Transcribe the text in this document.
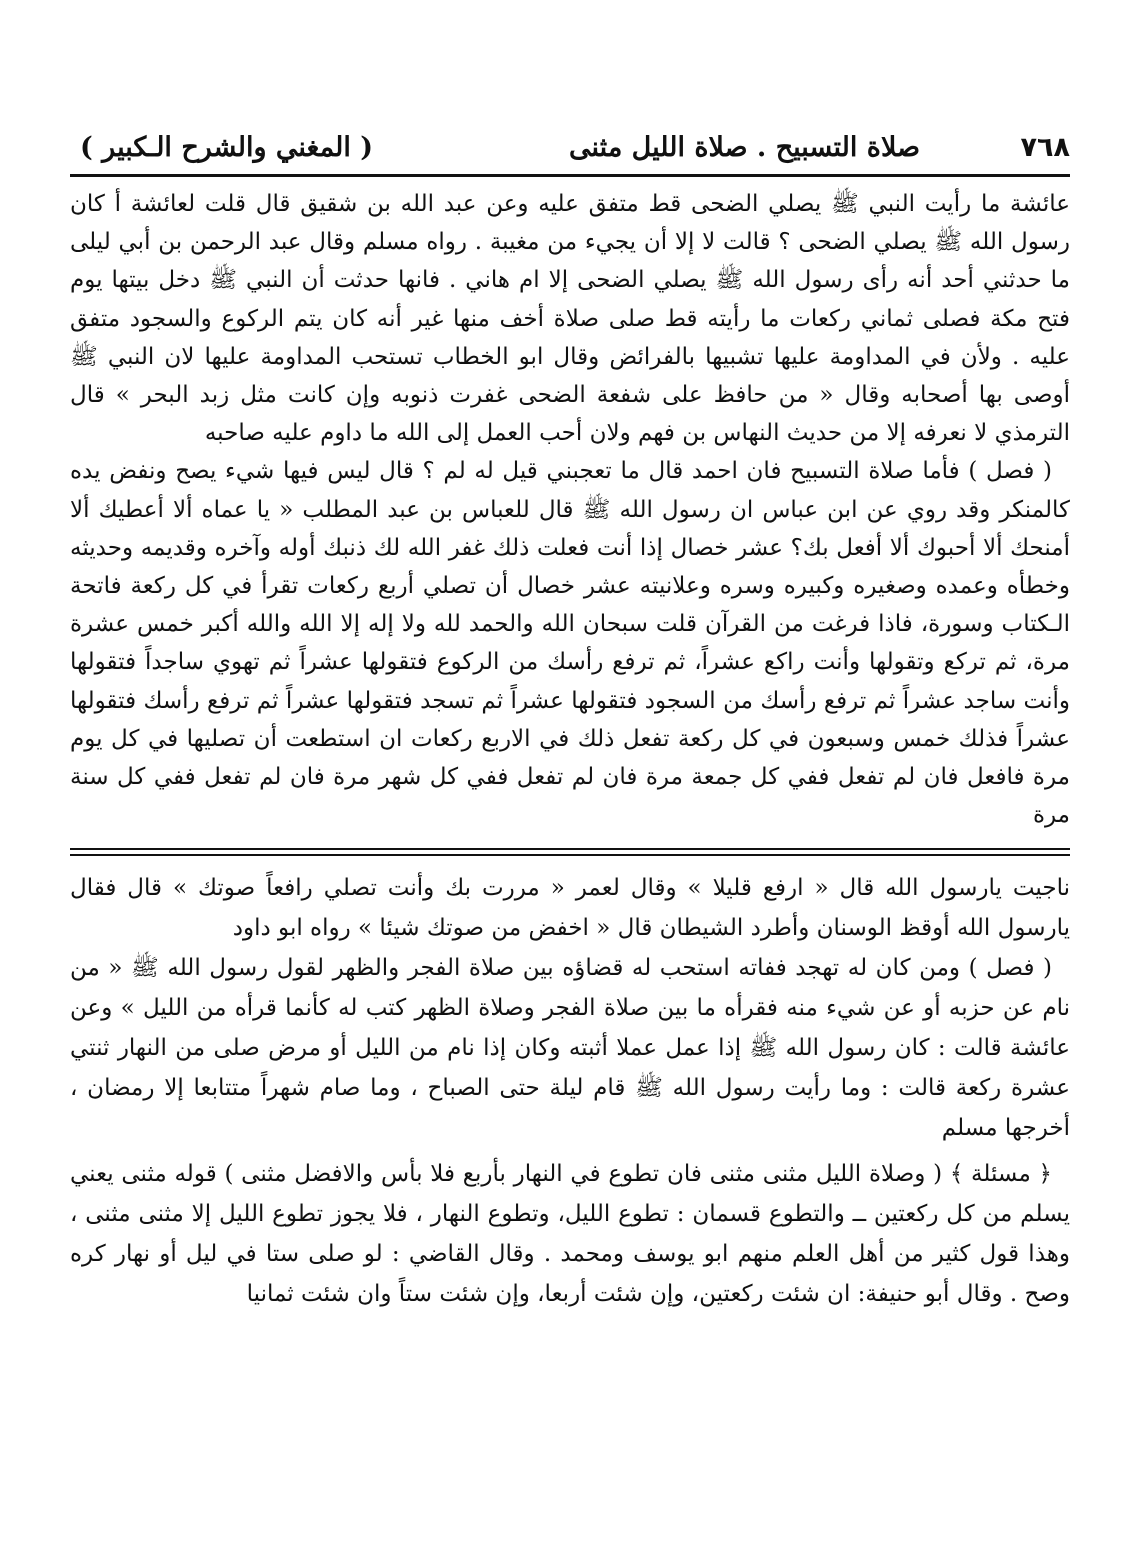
٧٦٨
صلاة التسبيح . صلاة الليل مثنى
( المغني والشرح الـكبير )

عائشة ما رأيت النبي ﷺ يصلي الضحى قط متفق عليه وعن عبد الله بن شقيق قال قلت لعائشة أ كان رسول الله ﷺ يصلي الضحى ؟ قالت لا إلا أن يجيء من مغيبة . رواه مسلم وقال عبد الرحمن بن أبي ليلى ما حدثني أحد أنه رأى رسول الله ﷺ يصلي الضحى إلا ام هاني . فانها حدثت أن النبي ﷺ دخل بيتها يوم فتح مكة فصلى ثماني ركعات ما رأيته قط صلى صلاة أخف منها غير أنه كان يتم الركوع والسجود متفق عليه . ولأن في المداومة عليها تشبيها بالفرائض وقال ابو الخطاب تستحب المداومة عليها لان النبي ﷺ أوصى بها أصحابه وقال « من حافظ على شفعة الضحى غفرت ذنوبه وإن كانت مثل زبد البحر » قال الترمذي لا نعرفه إلا من حديث النهاس بن فهم ولان أحب العمل إلى الله ما داوم عليه صاحبه

( فصل ) فأما صلاة التسبيح فان احمد قال ما تعجبني قيل له لم ؟ قال ليس فيها شيء يصح ونفض يده كالمنكر وقد روي عن ابن عباس ان رسول الله ﷺ قال للعباس بن عبد المطلب « يا عماه ألا أعطيك ألا أمنحك ألا أحبوك ألا أفعل بك؟ عشر خصال إذا أنت فعلت ذلك غفر الله لك ذنبك أوله وآخره وقديمه وحديثه وخطأه وعمده وصغيره وكبيره وسره وعلانيته عشر خصال أن تصلي أربع ركعات تقرأ في كل ركعة فاتحة الـكتاب وسورة، فاذا فرغت من القرآن قلت سبحان الله والحمد لله ولا إله إلا الله والله أكبر خمس عشرة مرة، ثم تركع وتقولها وأنت راكع عشراً، ثم ترفع رأسك من الركوع فتقولها عشراً ثم تهوي ساجداً فتقولها وأنت ساجد عشراً ثم ترفع رأسك من السجود فتقولها عشراً ثم تسجد فتقولها عشراً ثم ترفع رأسك فتقولها عشراً فذلك خمس وسبعون في كل ركعة تفعل ذلك في الاربع ركعات ان استطعت أن تصليها في كل يوم مرة فافعل فان لم تفعل ففي كل جمعة مرة فان لم تفعل ففي كل شهر مرة فان لم تفعل ففي كل سنة مرة

ناجيت يارسول الله قال « ارفع قليلا » وقال لعمر « مررت بك وأنت تصلي رافعاً صوتك » قال فقال يارسول الله أوقظ الوسنان وأطرد الشيطان قال « اخفض من صوتك شيئا » رواه ابو داود

( فصل ) ومن كان له تهجد ففاته استحب له قضاؤه بين صلاة الفجر والظهر لقول رسول الله ﷺ « من نام عن حزبه أو عن شيء منه فقرأه ما بين صلاة الفجر وصلاة الظهر كتب له كأنما قرأه من الليل » وعن عائشة قالت : كان رسول الله ﷺ إذا عمل عملا أثبته وكان إذا نام من الليل أو مرض صلى من النهار ثنتي عشرة ركعة قالت : وما رأيت رسول الله ﷺ قام ليلة حتى الصباح ، وما صام شهراً متتابعا إلا رمضان ، أخرجها مسلم

﴿ مسئلة ﴾ ( وصلاة الليل مثنى مثنى فان تطوع في النهار بأربع فلا بأس والافضل مثنى ) قوله مثنى يعني يسلم من كل ركعتين ــ والتطوع قسمان : تطوع الليل، وتطوع النهار ، فلا يجوز تطوع الليل إلا مثنى مثنى ، وهذا قول كثير من أهل العلم منهم ابو يوسف ومحمد . وقال القاضي : لو صلى ستا في ليل أو نهار كره وصح . وقال أبو حنيفة: ان شئت ركعتين، وإن شئت أربعا، وإن شئت ستاً وان شئت ثمانيا
